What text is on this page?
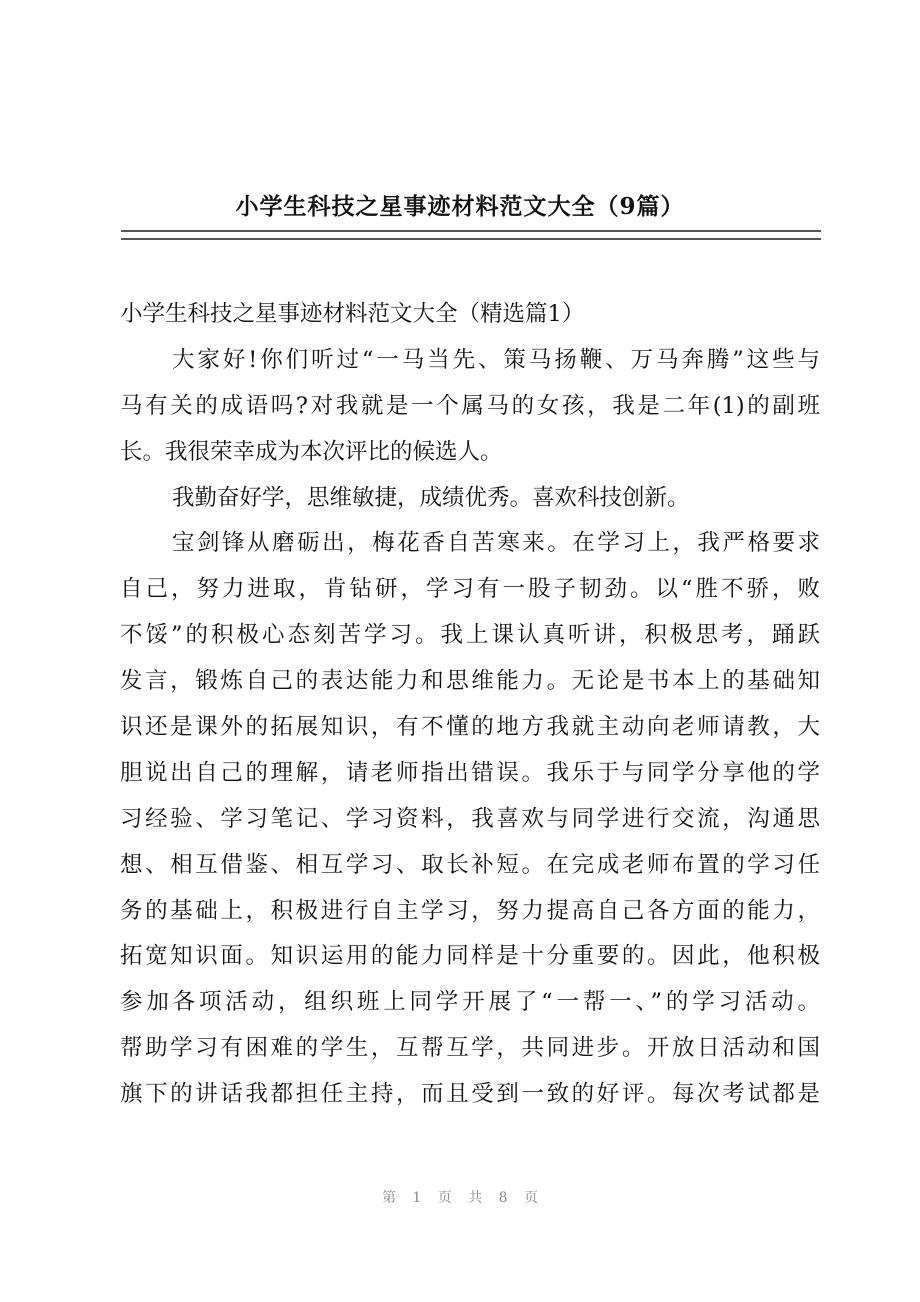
小学生科技之星事迹材料范文大全（9篇）
小学生科技之星事迹材料范文大全（精选篇1）
大家好!你们听过“一马当先、策马扬鞭、万马奔腾”这些与
马有关的成语吗?对我就是一个属马的女孩，我是二年(1)的副班
长。我很荣幸成为本次评比的候选人。
我勤奋好学，思维敏捷，成绩优秀。喜欢科技创新。
宝剑锋从磨砺出，梅花香自苦寒来。在学习上，我严格要求
自己，努力进取，肯钻研，学习有一股子韧劲。以“胜不骄，败
不馁”的积极心态刻苦学习。我上课认真听讲，积极思考，踊跃
发言，锻炼自己的表达能力和思维能力。无论是书本上的基础知
识还是课外的拓展知识，有不懂的地方我就主动向老师请教，大
胆说出自己的理解，请老师指出错误。我乐于与同学分享他的学
习经验、学习笔记、学习资料，我喜欢与同学进行交流，沟通思
想、相互借鉴、相互学习、取长补短。在完成老师布置的学习任
务的基础上，积极进行自主学习，努力提高自己各方面的能力，
拓宽知识面。知识运用的能力同样是十分重要的。因此，他积极
参加各项活动，组织班上同学开展了“一帮一、”的学习活动。
帮助学习有困难的学生，互帮互学，共同进步。开放日活动和国
旗下的讲话我都担任主持，而且受到一致的好评。每次考试都是
第 1 页 共 8 页
